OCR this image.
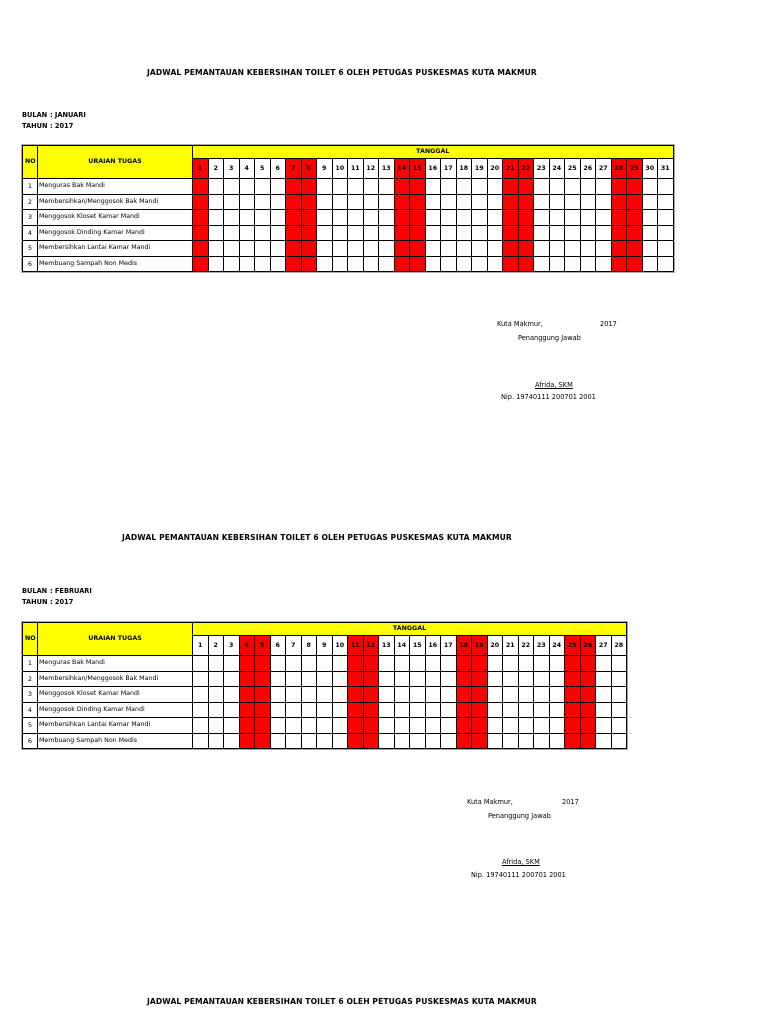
JADWAL PEMANTAUAN KEBERSIHAN TOILET 6 OLEH PETUGAS PUSKESMAS KUTA MAKMUR
BULAN : JANUARI
TAHUN : 2017
NO	URAIAN TUGAS	TANGGAL																														
		1	2	3	4	5	6	7	8	9	10	11	12	13	14	15	16	17	18	19	20	21	22	23	24	25	26	27	28	29	30	31
1	Menguras Bak Mandi																															
2	Membersihkan/Menggosok Bak Mandi																															
3	Menggosok Kloset Kamar Mandi																															
4	Menggosok Dinding Kamar Mandi																															
5	Membersihkan Lantai Kamar Mandi																															
6	Membuang Sampah Non Medis																															
Kuta Makmur,	2017
Penanggung Jawab
Afrida, SKM
Nip. 19740111 200701 2001
JADWAL PEMANTAUAN KEBERSIHAN TOILET 6 OLEH PETUGAS PUSKESMAS KUTA MAKMUR
BULAN : FEBRUARI
TAHUN : 2017
NO	URAIAN TUGAS	TANGGAL																											
		1	2	3	4	5	6	7	8	9	10	11	12	13	14	15	16	17	18	19	20	21	22	23	24	25	26	27	28
1	Menguras Bak Mandi																												
2	Membersihkan/Menggosok Bak Mandi																												
3	Menggosok Kloset Kamar Mandi																												
4	Menggosok Dinding Kamar Mandi																												
5	Membersihkan Lantai Kamar Mandi																												
6	Membuang Sampah Non Medis																												
Kuta Makmur,	2017
Penanggung Jawab
Afrida, SKM
Nip. 19740111 200701 2001
JADWAL PEMANTAUAN KEBERSIHAN TOILET 6 OLEH PETUGAS PUSKESMAS KUTA MAKMUR
